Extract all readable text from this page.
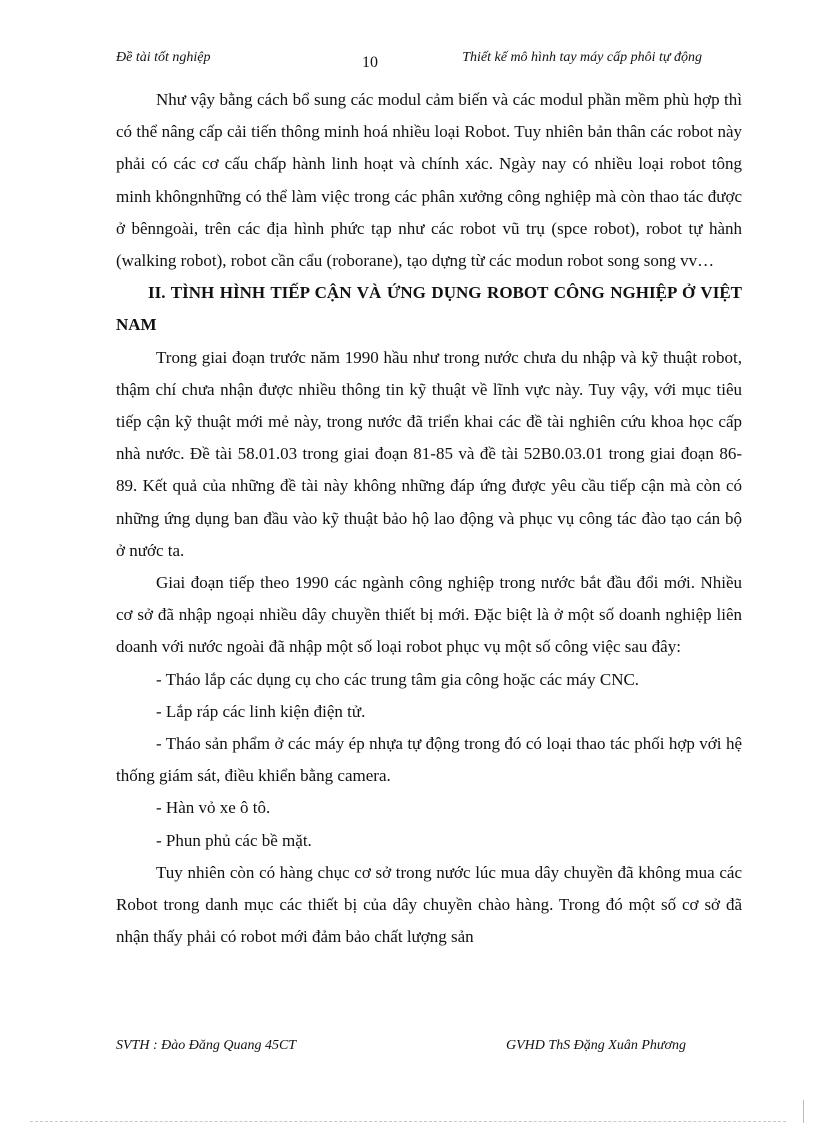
Đề tài tốt nghiệp	10	Thiết kế mô hình tay máy cấp phôi tự động

Như vậy bằng cách bổ sung các modul cảm biến và các modul phần mềm phù hợp thì có thể nâng cấp cải tiến thông minh hoá nhiều loại Robot. Tuy nhiên bản thân các robot này phải có các cơ cấu chấp hành linh hoạt và chính xác. Ngày nay có nhiều loại robot tông minh khôngnhững có thể làm việc trong các phân xưởng công nghiệp mà còn thao tác được ở bênngoài, trên các địa hình phức tạp như các robot vũ trụ (spce robot), robot tự hành (walking robot), robot cần cẩu (roborane), tạo dựng từ các modun robot song song vv…

II. TÌNH HÌNH TIẾP CẬN VÀ ỨNG DỤNG ROBOT CÔNG NGHIỆP Ở VIỆT NAM

Trong giai đoạn trước năm 1990 hầu như trong nước chưa du nhập và kỹ thuật robot, thậm chí chưa nhận được nhiều thông tin kỹ thuật về lĩnh vực này. Tuy vậy, với mục tiêu tiếp cận kỹ thuật mới mẻ này, trong nước đã triển khai các đề tài nghiên cứu khoa học cấp nhà nước. Đề tài 58.01.03 trong giai đoạn 81-85 và đề tài 52B0.03.01 trong giai đoạn 86-89. Kết quả của những đề tài này không những đáp ứng được yêu cầu tiếp cận mà còn có những ứng dụng ban đầu vào kỹ thuật bảo hộ lao động và phục vụ công tác đào tạo cán bộ ở nước ta.

Giai đoạn tiếp theo 1990 các ngành công nghiệp trong nước bắt đầu đổi mới. Nhiều cơ sở đã nhập ngoại nhiều dây chuyền thiết bị mới. Đặc biệt là ở một số doanh nghiệp liên doanh với nước ngoài đã nhập một số loại robot phục vụ một số công việc sau đây:

- Tháo lắp các dụng cụ cho các trung tâm gia công hoặc các máy CNC.

- Lắp ráp các linh kiện điện tử.

- Tháo sản phẩm ở các máy ép nhựa tự động trong đó có loại thao tác phối hợp với hệ thống giám sát, điều khiển bằng camera.

- Hàn vỏ xe ô tô.

- Phun phủ các bề mặt.

Tuy nhiên còn có hàng chục cơ sở trong nước lúc mua dây chuyền đã không mua các Robot trong danh mục các thiết bị của dây chuyền chào hàng. Trong đó một số cơ sở đã nhận thấy phải có robot mới đảm bảo chất lượng sản

SVTH : Đào Đăng Quang 45CT	GVHD ThS Đặng Xuân Phương
